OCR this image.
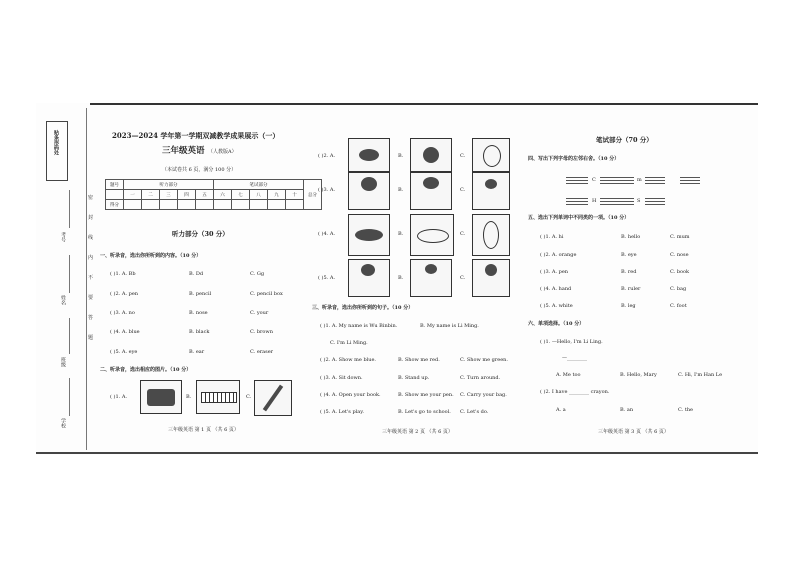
贴条形码处
考号
姓名
班级
学校
密
封
线
内
不
要
答
题
2023—2024 学年第一学期双减教学成果展示（一）
三年级英语 （人教版A）
（本试卷共 6 页，满分 100 分）
题号	听力部分					笔试部分					总分
	一	二	三	四	五	六	七	八	九	十	
得分											
听力部分（30 分）
一、听录音，选出你所听到的内容。（10 分）
( )1. A. Bb	B. Dd	C. Gg
( )2. A. pen	B. pencil	C. pencil box
( )3. A. no	B. nose	C. your
( )4. A. blue	B. black	C. brown
( )5. A. eye	B. ear	C. eraser
二、听录音，选出相应的图片。（10 分）
( )1. A.	B.	C.
三年级英语 第 1 页 （共 6 页）
( )2. A.	B.	C.
( )3. A.	B.	C.
( )4. A.	B.	C.
( )5. A.	B.	C.
三、听录音，选出你所听到的句子。（10 分）
( )1. A. My name is Wu Binbin.	B. My name is Li Ming.
C. I'm Li Ming.
( )2. A. Show me blue.	B. Show me red.	C. Show me green.
( )3. A. Sit down.	B. Stand up.	C. Turn around.
( )4. A. Open your book.	B. Show me your pen. C. Carry your bag.
( )5. A. Let's play.	B. Let's go to school. C. Let's do.
三年级英语 第 2 页 （共 6 页）
笔试部分（70 分）
四、写出下列字母的左邻右舍。（10 分）
C	m
H	S
五、选出下列单词中不同类的一项。（10 分）
( )1. A. hi	B. hello	C. mum
( )2. A. orange	B. eye	C. nose
( )3. A. pen	B. red	C. book
( )4. A. hand	B. ruler	C. bag
( )5. A. white	B. leg	C. foot
六、单项选择。（10 分）
( )1. —Hello, I'm Li Ling.
—________
A. Me too	B. Hello, Mary	C. Hi, I'm Han Le
( )2. I have ________ crayon.
A. a	B. an	C. the
三年级英语 第 3 页 （共 6 页）
